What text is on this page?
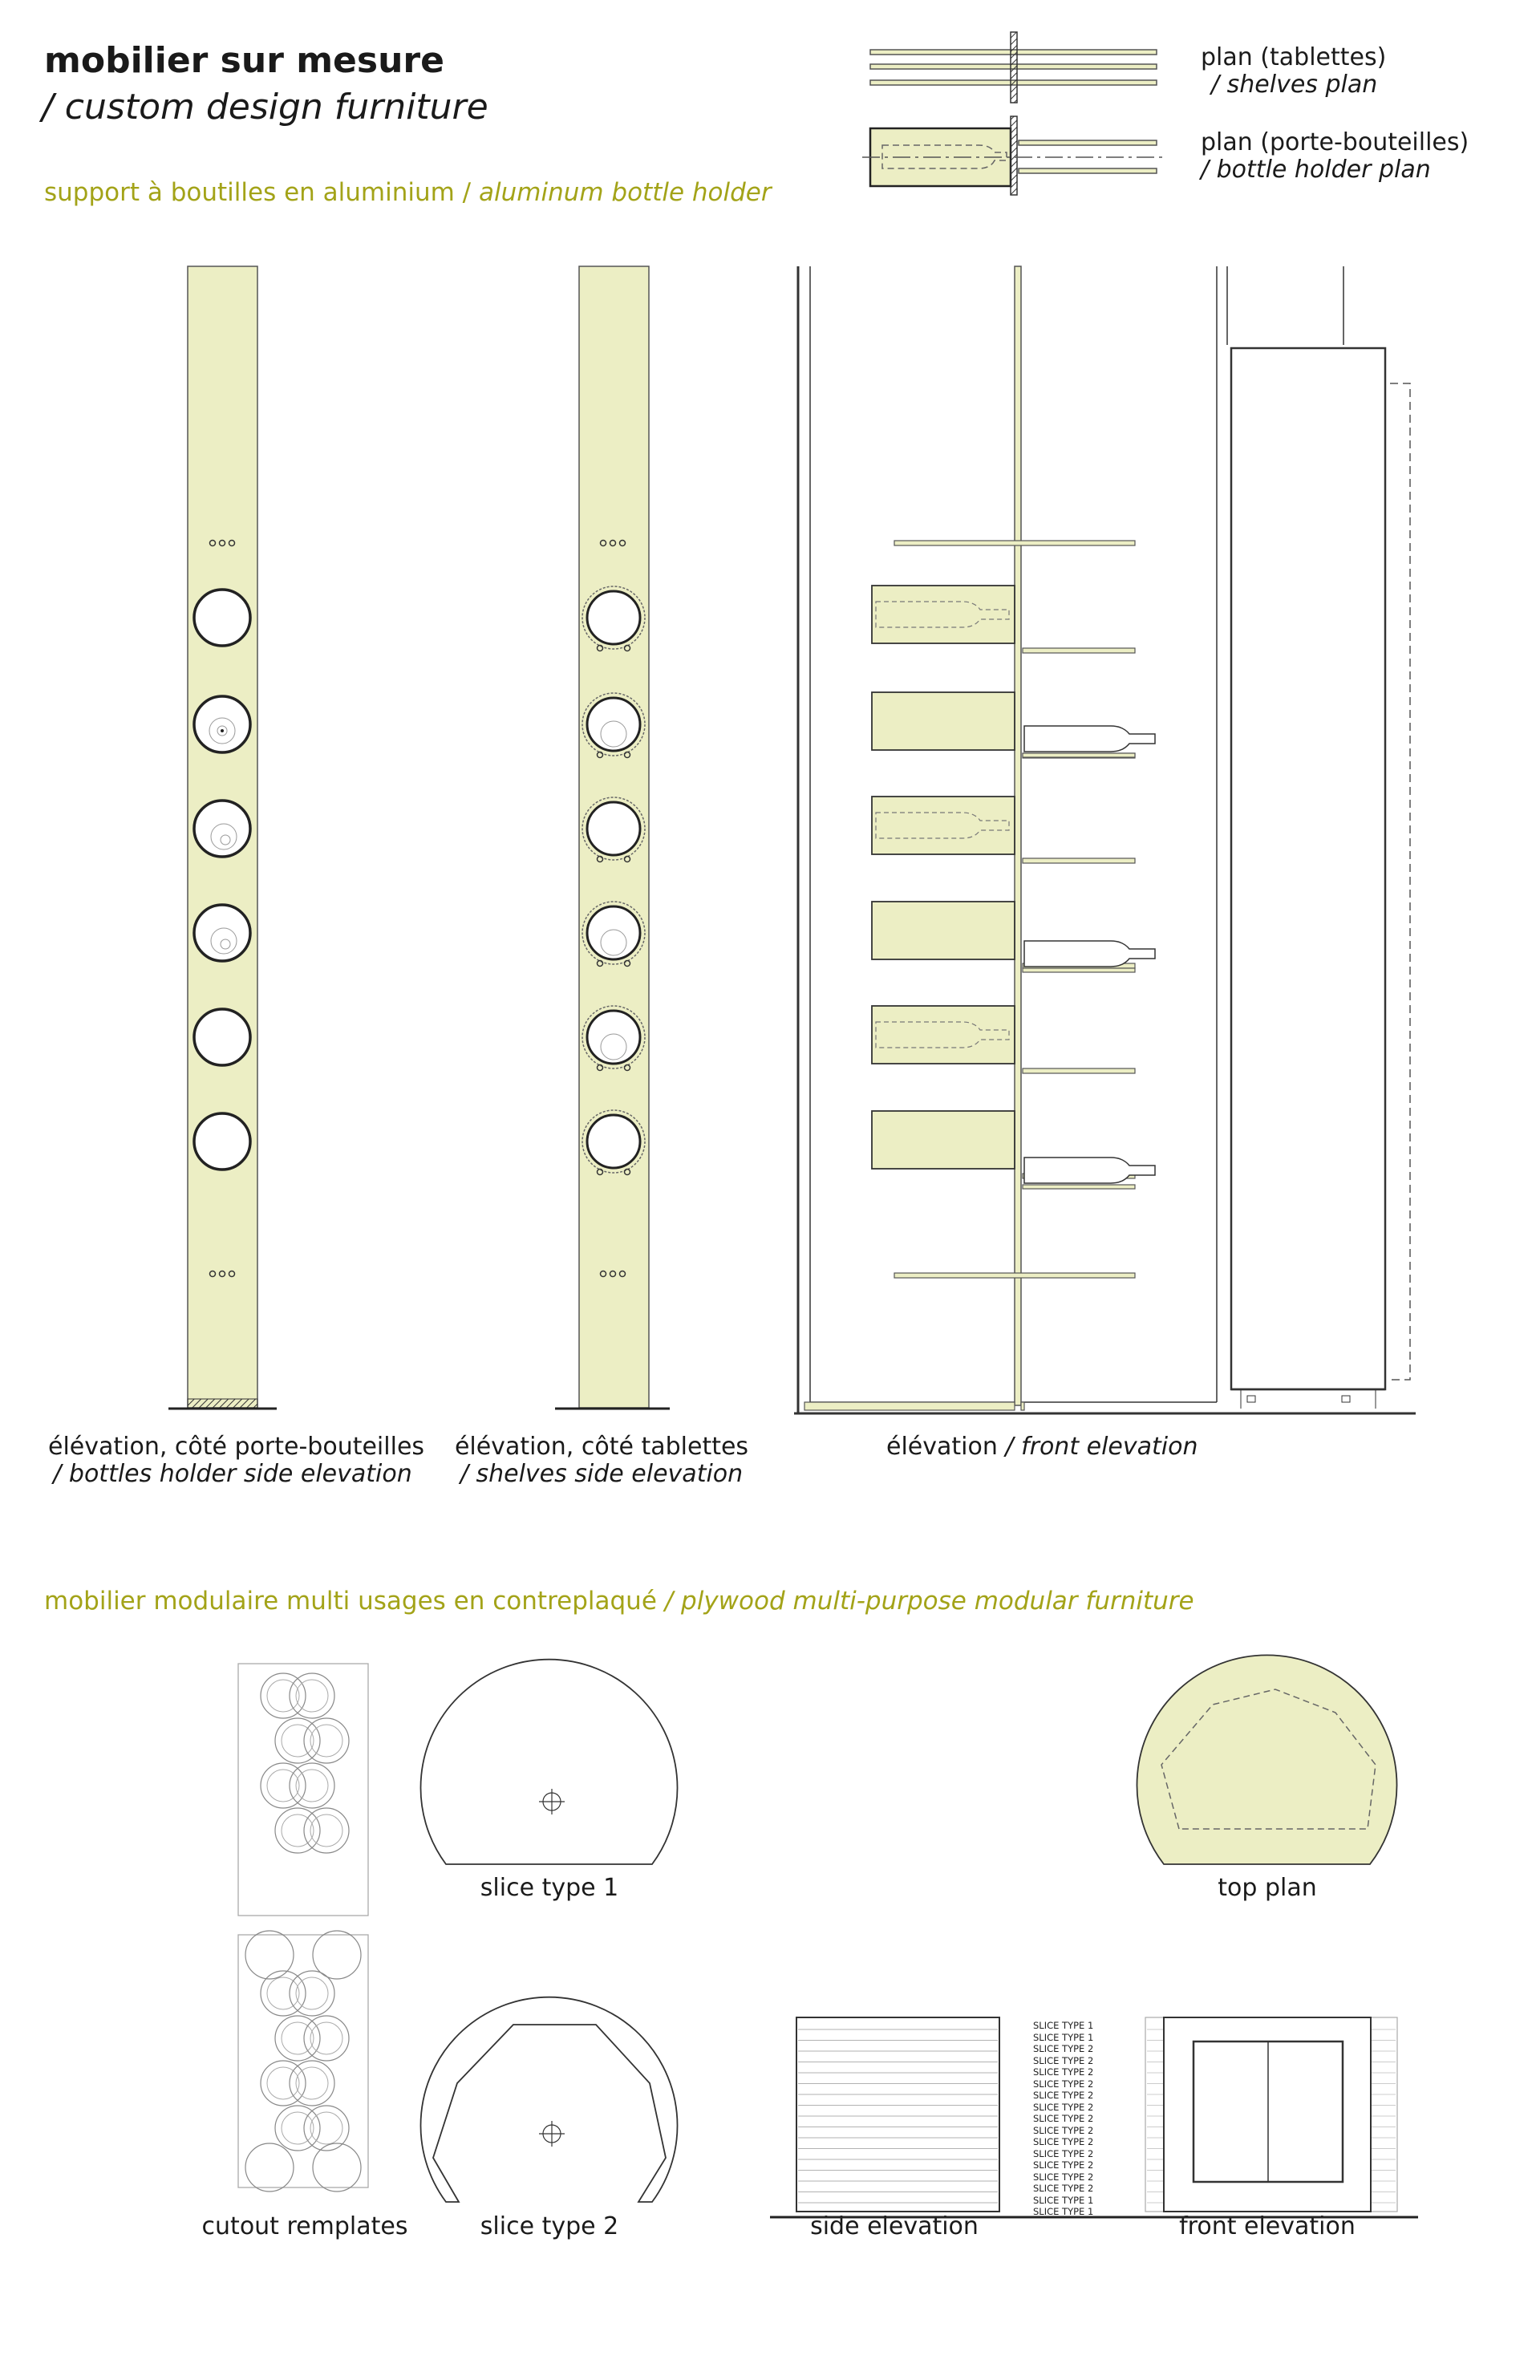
mobilier sur mesure
/ custom design furniture
support à boutilles en aluminium / aluminum bottle holder
plan (tablettes)
/ shelves plan
plan (porte-bouteilles)
/ bottle holder plan
élévation, côté porte-bouteilles
/ bottles holder side elevation
élévation, côté tablettes
/ shelves side elevation
élévation / front elevation
mobilier modulaire multi usages en contreplaqué / plywood multi-purpose modular furniture
slice type 1	top plan
cutout remplates	slice type 2	side elevation	front elevation
SLICE TYPE 1
SLICE TYPE 1
SLICE TYPE 2
SLICE TYPE 2
SLICE TYPE 2
SLICE TYPE 2
SLICE TYPE 2
SLICE TYPE 2
SLICE TYPE 2
SLICE TYPE 2
SLICE TYPE 2
SLICE TYPE 2
SLICE TYPE 2
SLICE TYPE 2
SLICE TYPE 2
SLICE TYPE 1
SLICE TYPE 1
